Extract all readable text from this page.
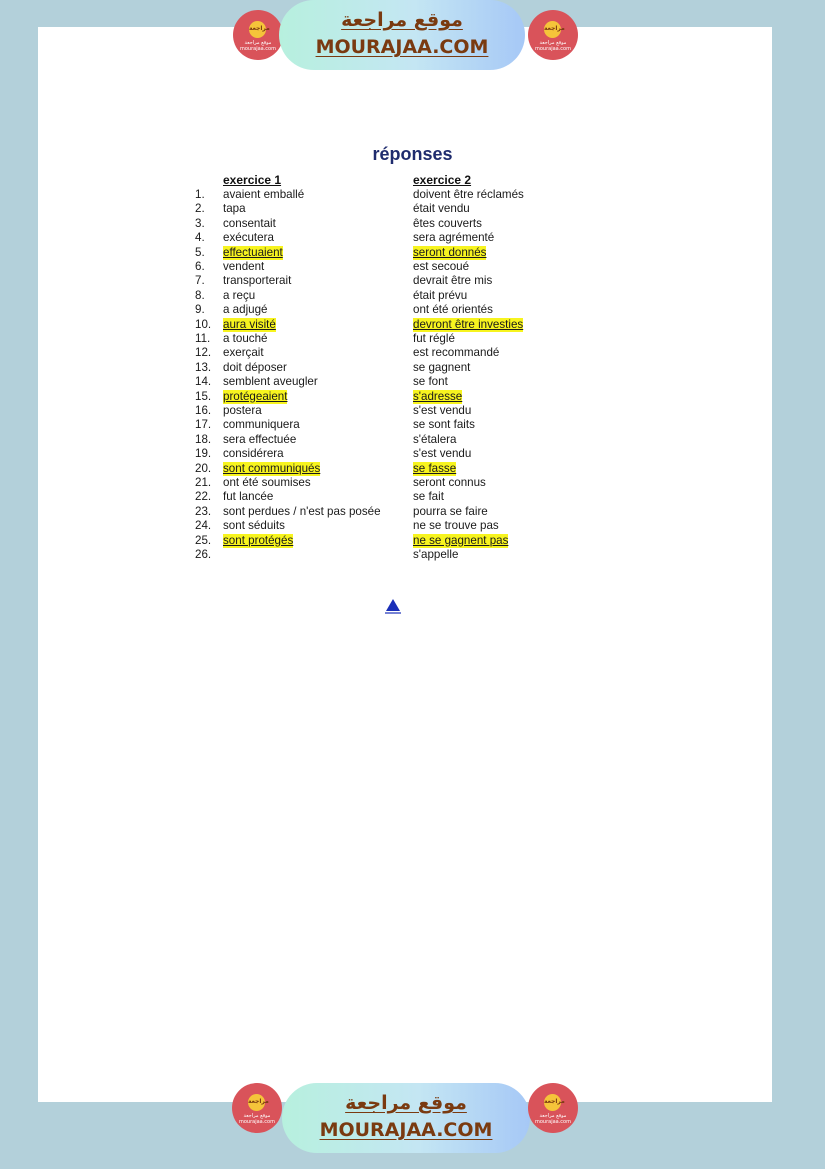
مراجعة
موقع مراجعة mourajaa.com
موقع مراجعة
MOURAJAA.COM
مراجعة
موقع مراجعة mourajaa.com
réponses
exercice 1	exercice 2
1. avaient emballé	doivent être réclamés
2. tapa	était vendu
3. consentait	êtes couverts
4. exécutera	sera agrémenté
5. effectuaient	seront donnés
6. vendent	est secoué
7. transporterait	devrait être mis
8. a reçu	était prévu
9. a adjugé	ont été orientés
10. aura visité	devront être investies
11. a touché	fut réglé
12. exerçait	est recommandé
13. doit déposer	se gagnent
14. semblent aveugler	se font
15. protégeaient	s'adresse
16. postera	s'est vendu
17. communiquera	se sont faits
18. sera effectuée	s'étalera
19. considérera	s'est vendu
20. sont communiqués	se fasse
21. ont été soumises	seront connus
22. fut lancée	se fait
23. sont perdues / n'est pas posée	pourra se faire
24. sont séduits	ne se trouve pas
25. sont protégés	ne se gagnent pas
26.	s'appelle
مراجعة
موقع مراجعة mourajaa.com
موقع مراجعة
MOURAJAA.COM
مراجعة
موقع مراجعة mourajaa.com
